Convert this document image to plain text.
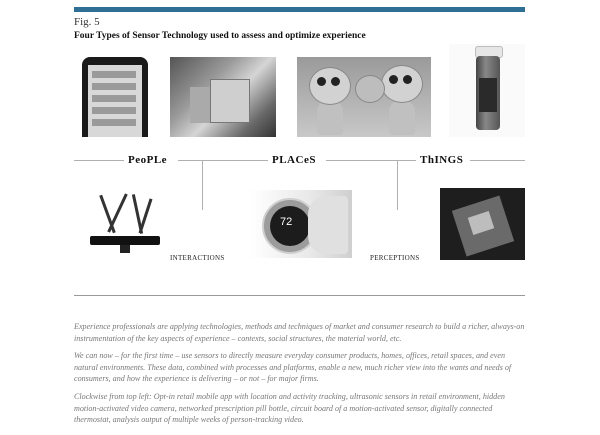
Fig. 5
Four Types of Sensor Technology used to assess and optimize experience
PeoPLe	PLACeS	ThINGS
INTERACTIONS
72
PERCEPTIONS

Experience professionals are applying technologies, methods and techniques of market and consumer research to build a richer, always-on instrumentation of the key aspects of experience – contexts, social structures, the material world, etc.

We can now – for the first time – use sensors to directly measure everyday consumer products, homes, offices, retail spaces, and even natural environments. These data, combined with processes and platforms, enable a new, much richer view into the wants and needs of consumers, and how the experience is delivering – or not – for major firms.

Clockwise from top left: Opt-in retail mobile app with location and activity tracking, ultrasonic sensors in retail environment, hidden motion-activated video camera, networked prescription pill bottle, circuit board of a motion-activated sensor, digitally connected thermostat, analysis output of multiple weeks of person-tracking video.
